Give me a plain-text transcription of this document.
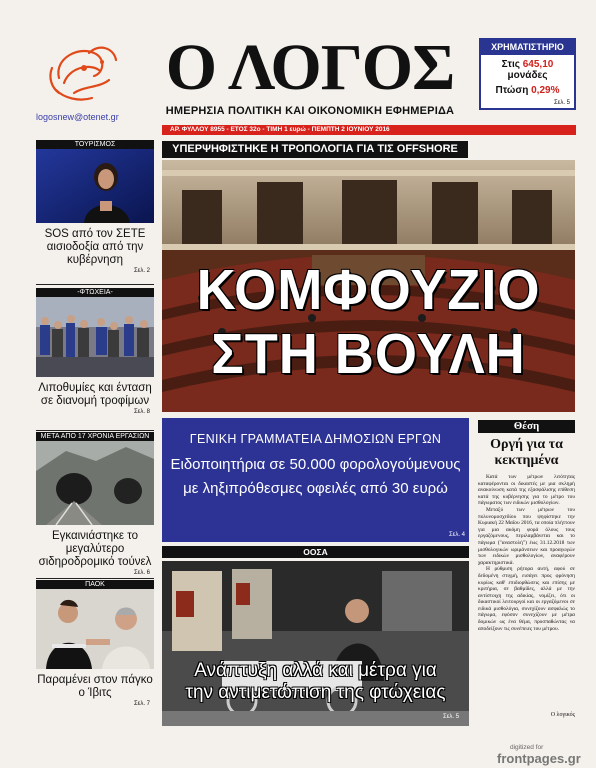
logosnew@otenet.gr
Ο ΛΟΓΟΣ
ΗΜΕΡΗΣΙΑ ΠΟΛΙΤΙΚΗ ΚΑΙ ΟΙΚΟΝΟΜΙΚΗ ΕΦΗΜΕΡΙΔΑ
ΧΡΗΜΑΤΙΣΤΗΡΙΟ
Στις 645,10 μονάδες
Πτώση 0,29%
Σελ. 5
ΑΡ. ΦΥΛΛΟΥ 8955 - ΕΤΟΣ 32ο - ΤΙΜΗ 1 ευρώ - ΠΕΜΠΤΗ 2 ΙΟΥΝΙΟΥ 2016
ΤΟΥΡΙΣΜΟΣ
SOS από τον ΣΕΤΕ αισιοδοξία από την κυβέρνηση
Σελ. 2
-ΦΤΩΧΕΙΑ-
Λιποθυμίες και ένταση σε διανομή τροφίμων
Σελ. 8
ΜΕΤΑ ΑΠΟ 17 ΧΡΟΝΙΑ ΕΡΓΑΣΙΩΝ
Εγκαινιάστηκε το μεγαλύτερο σιδηροδρομικό τούνελ
Σελ. 6
ΠΑΟΚ
Παραμένει στον πάγκο ο Ίβιτς
Σελ. 7
ΥΠΕΡΨΗΦΙΣΤΗΚΕ Η ΤΡΟΠΟΛΟΓΙΑ ΓΙΑ ΤΙΣ OFFSHORE
ΚΟΜΦΟΥΖΙΟ
ΣΤΗ ΒΟΥΛΗ
ΓΕΝΙΚΗ ΓΡΑΜΜΑΤΕΙΑ ΔΗΜΟΣΙΩΝ ΕΡΓΩΝ
Ειδοποιητήρια σε 50.000 φορολογούμενους
με ληξιπρόθεσμες οφειλές από 30 ευρώ
Σελ. 4
ΟΟΣΑ
Ανάπτυξη αλλά και μέτρα για
την αντιμετώπιση της φτώχειας
Σελ. 5
Θέση
Οργή για τα κεκτημένα

Κατά των μέτρων λιτότητας καταφέρονται οι δικαστές με μια σκληρή ανακοίνωση κατά της εξασφάλισης επίθεση κατά της κυβέρνησης για το μέτρο του πάγωματος των ειδικών μισθολογίων.

Μεταξύ των μέτρων του πολυνομοσχεδίου που ψηφίστηκε την Κυριακή 22 Μαΐου 2016, τα οποία πλήττουν για μια ακόμη φορά όλους τους εργαζόμενους, περιλαμβάνεται και το πάγωμα ("αναστολή") έως 31.12.2018 των μισθολογικών ωριμάνσεων και προαγωγών των ειδικών μισθολογίων, αναφέρουν χαρακτηριστικά.

Η ρύθμιση ρήτορα αυτή, αφού σε δεδομένη στιγμή, εισάγει προς φρόνηση κυρίως καθ' επιδιορθώσεις και επίσης με κριτήρια, σε βαθμίδες, αλλά με την αντίστοιχη της αδικίας, νομίζει, ότι οι δικαστικοί λειτουργοί και οι εργαζόμενοι σε ειδικά μισθολόγια, συνεχίζουν ασφαλώς το πάγωμα, εφόσον συνεχίζουν με μέτρα δομικών ως ένα θέμα, προσπαθώντας να αποδείξουν τις συνέπειες του μέτρου.

Ο λογικός
digitized for
frontpages.gr
